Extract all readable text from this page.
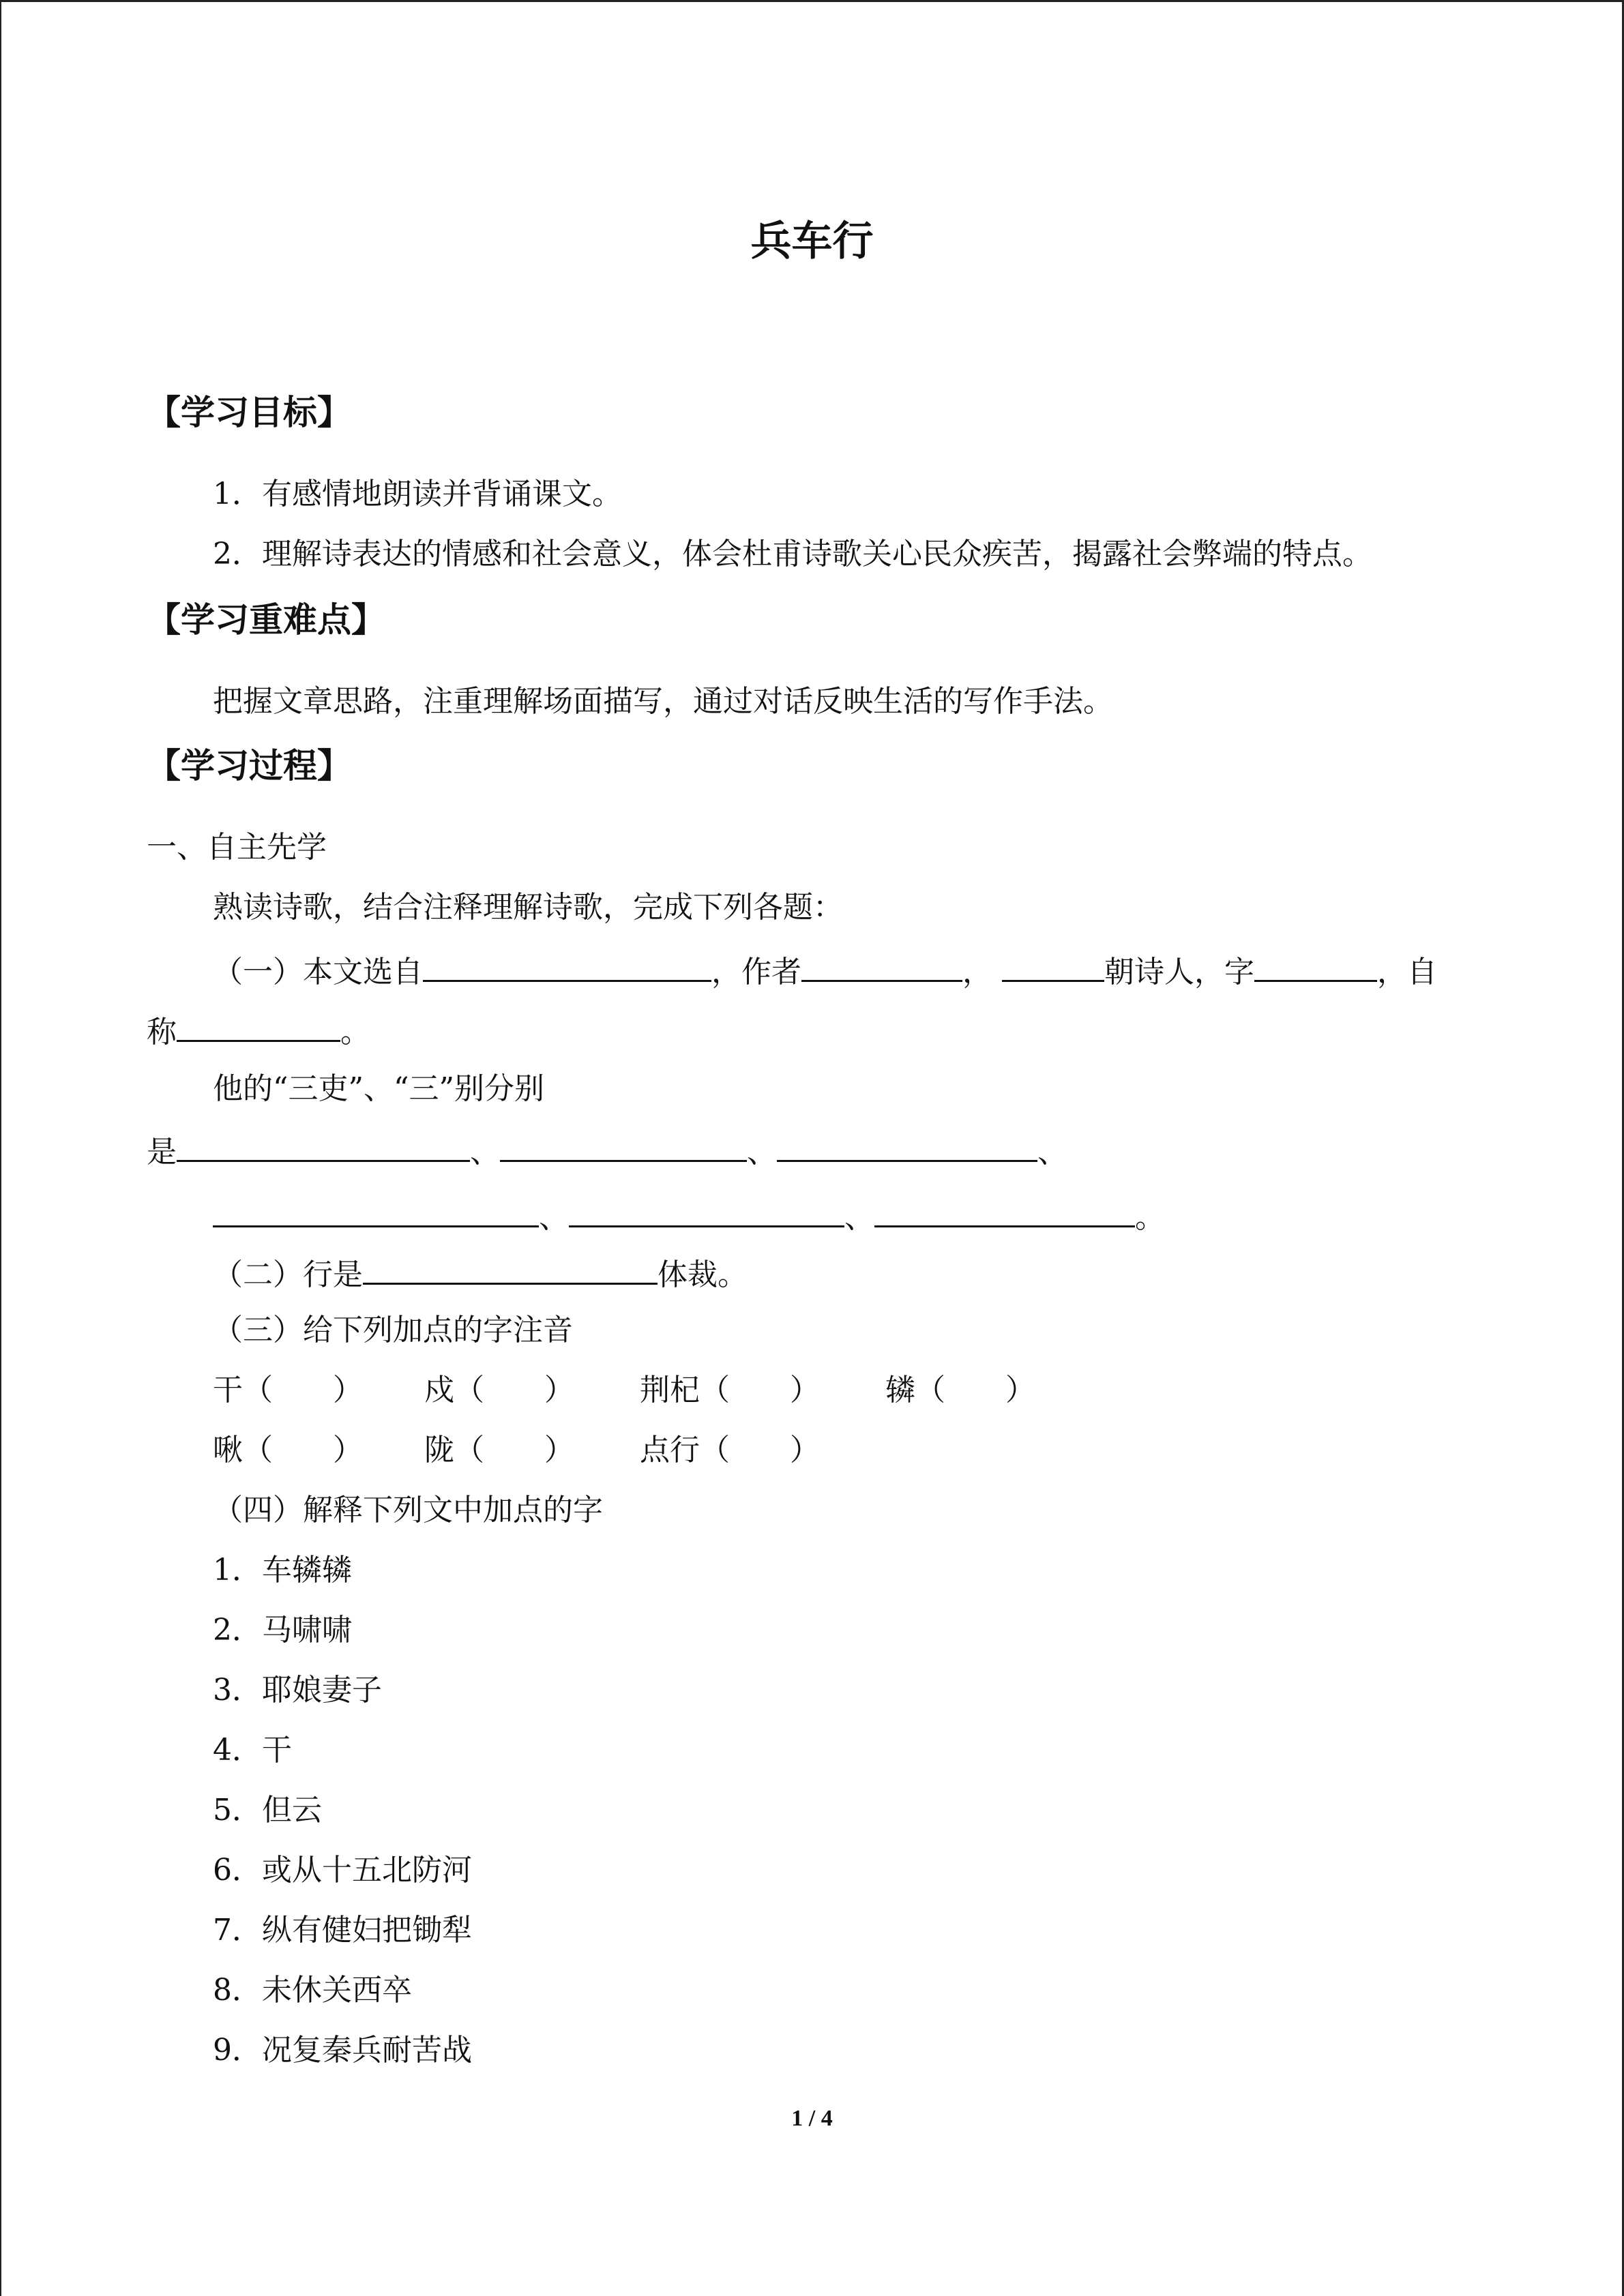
兵车行
【学习目标】
1．有感情地朗读并背诵课文。
2．理解诗表达的情感和社会意义，体会杜甫诗歌关心民众疾苦，揭露社会弊端的特点。
【学习重难点】
把握文章思路，注重理解场面描写，通过对话反映生活的写作手法。
【学习过程】
一、自主先学
熟读诗歌，结合注释理解诗歌，完成下列各题：
（一）本文选自	，作者	，	朝诗人，字	，自
称	。
他的“三吏”、“三”别分别
是	、	、	、
、	、	。
（二）行是	体裁。
（三）给下列加点的字注音
干（　　） 戍（　　） 荆杞（　　） 辚（　　）
啾（　　） 陇（　　） 点行（　　）
（四）解释下列文中加点的字
1．车辚辚
2．马啸啸
3．耶娘妻子
4．干
5．但云
6．或从十五北防河
7．纵有健妇把锄犁
8．未休关西卒
9．况复秦兵耐苦战
1 / 4
